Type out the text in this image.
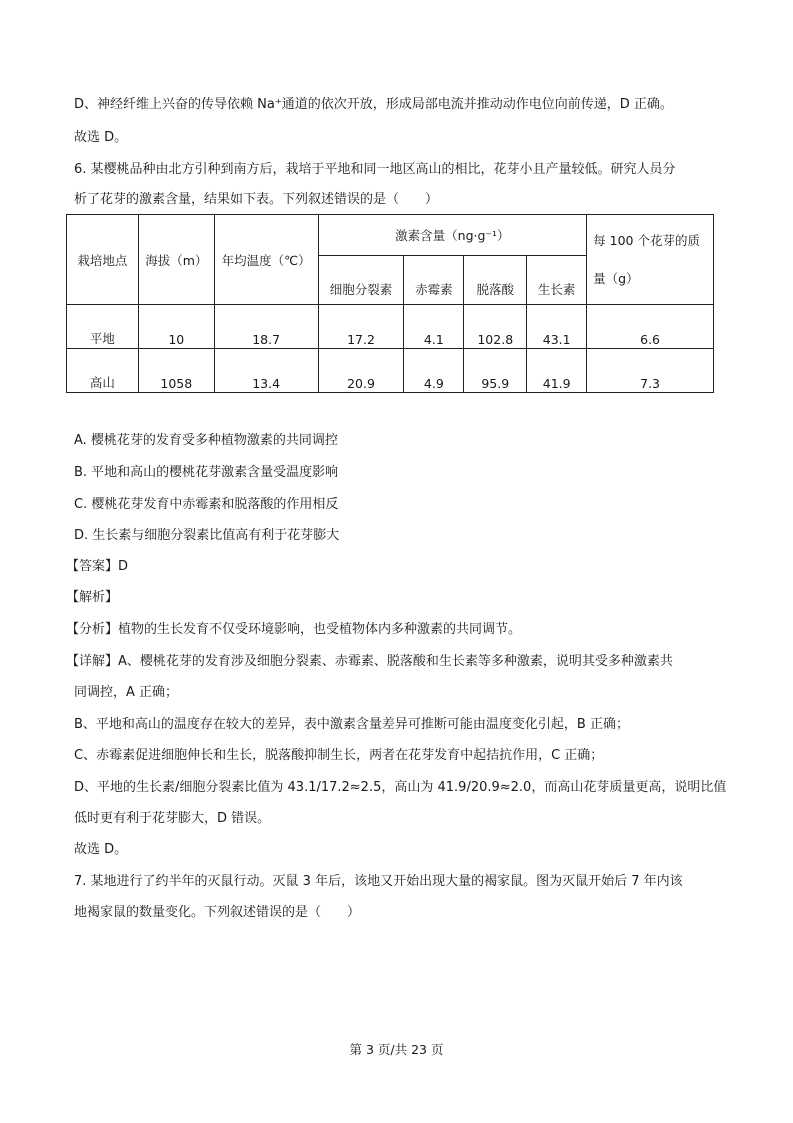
D、神经纤维上兴奋的传导依赖 Na⁺通道的依次开放，形成局部电流并推动动作电位向前传递，D 正确。
故选 D。
6. 某樱桃品种由北方引种到南方后，栽培于平地和同一地区高山的相比，花芽小且产量较低。研究人员分
析了花芽的激素含量，结果如下表。下列叙述错误的是（　　）
栽培地点	海拔（m）	年均温度（℃）	激素含量（ng·g⁻¹）				每 100 个花芽的质
量（g）
			细胞分裂素	赤霉素	脱落酸	生长素	
平地	10	18.7	17.2	4.1	102.8	43.1	6.6
高山	1058	13.4	20.9	4.9	95.9	41.9	7.3
A. 樱桃花芽的发育受多种植物激素的共同调控
B. 平地和高山的樱桃花芽激素含量受温度影响
C. 樱桃花芽发育中赤霉素和脱落酸的作用相反
D. 生长素与细胞分裂素比值高有利于花芽膨大
【答案】D
【解析】
【分析】植物的生长发育不仅受环境影响，也受植物体内多种激素的共同调节。
【详解】A、樱桃花芽的发育涉及细胞分裂素、赤霉素、脱落酸和生长素等多种激素，说明其受多种激素共
同调控，A 正确；
B、平地和高山的温度存在较大的差异，表中激素含量差异可推断可能由温度变化引起，B 正确；
C、赤霉素促进细胞伸长和生长，脱落酸抑制生长，两者在花芽发育中起拮抗作用，C 正确；
D、平地的生长素/细胞分裂素比值为 43.1/17.2≈2.5，高山为 41.9/20.9≈2.0，而高山花芽质量更高，说明比值
低时更有利于花芽膨大，D 错误。
故选 D。
7. 某地进行了约半年的灭鼠行动。灭鼠 3 年后，该地又开始出现大量的褐家鼠。图为灭鼠开始后 7 年内该
地褐家鼠的数量变化。下列叙述错误的是（　　）
第 3 页/共 23 页
